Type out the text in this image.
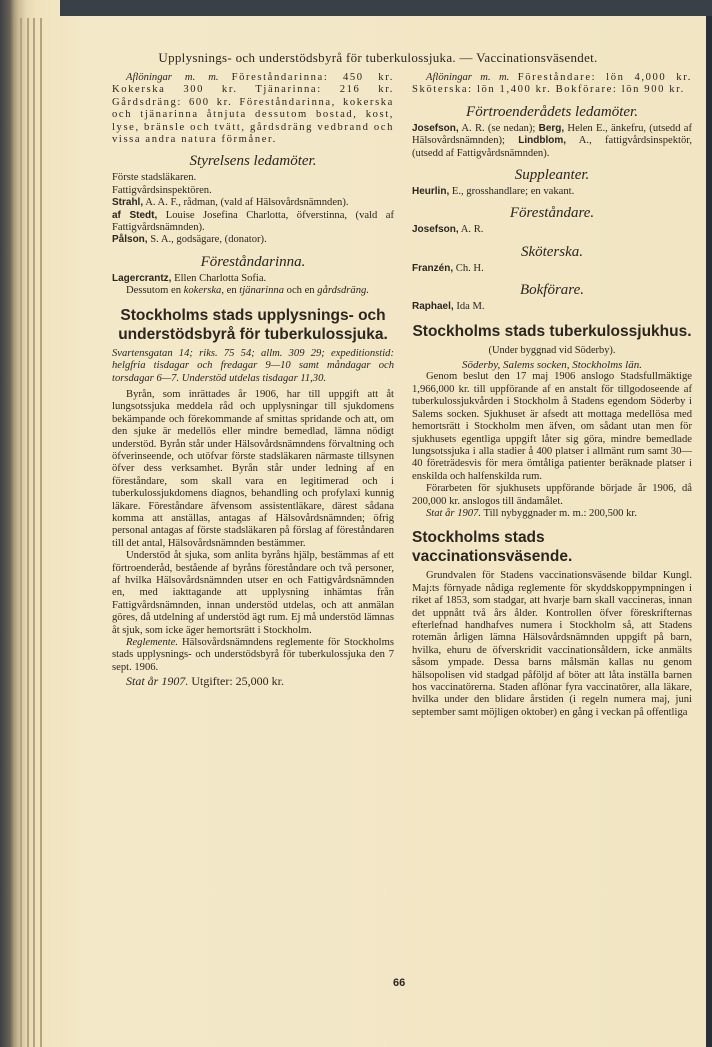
Upplysnings- och understödsbyrå för tuberkulossjuka. — Vaccinationsväsendet.

Aflöningar m. m. Föreståndarinna: 450 kr. Kokerska 300 kr. Tjänarinna: 216 kr. Gårdsdräng: 600 kr. Föreståndarinna, kokerska och tjänarinna åtnjuta dessutom bostad, kost, lyse, bränsle och tvätt, gårdsdräng vedbrand och vissa andra natura förmåner.

Styrelsens ledamöter.

Förste stadsläkaren.

Fattigvårdsinspektören.

Strahl, A. A. F., rådman, (vald af Hälsovårdsnämnden).

af Stedt, Louise Josefina Charlotta, öfverstinna, (vald af Fattigvårdsnämnden).

Pålson, S. A., godsägare, (donator).

Föreståndarinna.

Lagercrantz, Ellen Charlotta Sofia.

Dessutom en kokerska, en tjänarinna och en gårdsdräng.

Stockholms stads upplysnings- och understödsbyrå för tuberkulossjuka.

Svartensgatan 14; riks. 75 54; allm. 309 29; expeditionstid: helgfria tisdagar och fredagar 9—10 samt måndagar och torsdagar 6—7. Understöd utdelas tisdagar 11,30.

Byrån, som inrättades år 1906, har till uppgift att åt lungsotssjuka meddela råd och upplysningar till sjukdomens bekämpande och förekommande af smittas spridande och att, om den sjuke är medellös eller mindre bemedlad, lämna nödigt understöd. Byrån står under Hälsovårdsnämndens förvaltning och öfverinseende, och utöfvar förste stadsläkaren närmaste tillsynen öfver dess verksamhet. Byrån står under ledning af en föreståndare, som skall vara en legitimerad och i tuberkulossjukdomens diagnos, behandling och profylaxi kunnig läkare. Föreståndare äfvensom assistentläkare, därest sådana komma att anställas, antagas af Hälsovårdsnämnden; öfrig personal antagas af förste stadsläkaren på förslag af föreståndaren till det antal, Hälsovårdsnämnden bestämmer.

Understöd åt sjuka, som anlita byråns hjälp, bestämmas af ett förtroenderåd, bestående af byråns föreståndare och två personer, af hvilka Hälsovårdsnämnden utser en och Fattigvårdsnämnden en, med iakttagande att upplysning inhämtas från Fattigvårdsnämnden, innan understöd utdelas, och att anmälan göres, då utdelning af understöd ägt rum. Ej må understöd lämnas åt sjuk, som icke äger hemortsrätt i Stockholm.

Reglemente. Hälsovårdsnämndens reglemente för Stockholms stads upplysnings- och understödsbyrå för tuberkulossjuka den 7 sept. 1906.

Stat år 1907. Utgifter: 25,000 kr.

Aflöningar m. m. Föreståndare: lön 4,000 kr. Sköterska: lön 1,400 kr. Bokförare: lön 900 kr.

Förtroenderådets ledamöter.

Josefson, A. R. (se nedan); Berg, Helen E., änkefru, (utsedd af Hälsovårdsnämnden); Lindblom, A., fattigvårdsinspektör, (utsedd af Fattigvårdsnämnden).

Suppleanter.

Heurlin, E., grosshandlare; en vakant.

Föreståndare.

Josefson, A. R.

Sköterska.

Franzén, Ch. H.

Bokförare.

Raphael, Ida M.

Stockholms stads tuberkulossjukhus.
(Under byggnad vid Söderby).
Söderby, Salems socken, Stockholms län.

Genom beslut den 17 maj 1906 anslogo Stadsfullmäktige 1,966,000 kr. till uppförande af en anstalt för tillgodoseende af tuberkulossjukvården i Stockholm å Stadens egendom Söderby i Salems socken. Sjukhuset är afsedt att mottaga medellösa med hemortsrätt i Stockholm men äfven, om sådant utan men för sjukhusets egentliga uppgift låter sig göra, mindre bemedlade lungsotssjuka i alla stadier å 400 platser i allmänt rum samt 30—40 företrädesvis för mera ömtåliga patienter beräknade platser i enskilda och halfenskilda rum.

Förarbeten för sjukhusets uppförande började år 1906, då 200,000 kr. anslogos till ändamålet.

Stat år 1907. Till nybyggnader m. m.: 200,500 kr.

Stockholms stads vaccinationsväsende.

Grundvalen för Stadens vaccinationsväsende bildar Kungl. Maj:ts förnyade nådiga reglemente för skyddskoppympningen i riket af 1853, som stadgar, att hvarje barn skall vaccineras, innan det uppnått två års ålder. Kontrollen öfver föreskrifternas efterlefnad handhafves numera i Stockholm så, att Stadens rotemän årligen lämna Hälsovårdsnämnden uppgift på barn, hvilka, ehuru de öfverskridit vaccinationsåldern, icke anmälts såsom ympade. Dessa barns målsmän kallas nu genom hälsopolisen vid stadgad påföljd af böter att låta instälIa barnen hos vaccinatörerna. Staden aflönar fyra vaccinatörer, alla läkare, hvilka under den blidare årstiden (i regeln numera maj, juni september samt möjligen oktober) en gång i veckan på offentliga

66
